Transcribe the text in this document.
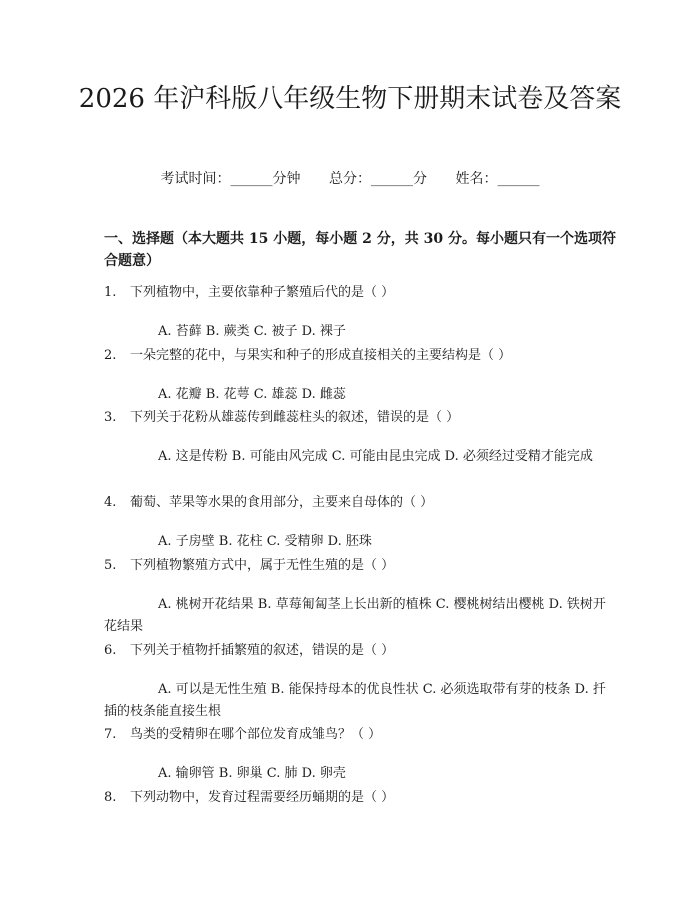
2026 年沪科版八年级生物下册期末试卷及答案
考试时间：______分钟 总分：______分 姓名：______
一、选择题（本大题共 15 小题，每小题 2 分，共 30 分。每小题只有一个选项符合题意）
1. 下列植物中，主要依靠种子繁殖后代的是（ ）
A. 苔藓 B. 蕨类 C. 被子 D. 裸子
2. 一朵完整的花中，与果实和种子的形成直接相关的主要结构是（ ）
A. 花瓣 B. 花萼 C. 雄蕊 D. 雌蕊
3. 下列关于花粉从雄蕊传到雌蕊柱头的叙述，错误的是（ ）
A. 这是传粉 B. 可能由风完成 C. 可能由昆虫完成 D. 必须经过受精才能完成
4. 葡萄、苹果等水果的食用部分，主要来自母体的（ ）
A. 子房壁 B. 花柱 C. 受精卵 D. 胚珠
5. 下列植物繁殖方式中，属于无性生殖的是（ ）
A. 桃树开花结果 B. 草莓匍匐茎上长出新的植株 C. 樱桃树结出樱桃 D. 铁树开花结果
6. 下列关于植物扦插繁殖的叙述，错误的是（ ）
A. 可以是无性生殖 B. 能保持母本的优良性状 C. 必须选取带有芽的枝条 D. 扦插的枝条能直接生根
7. 鸟类的受精卵在哪个部位发育成雏鸟？（ ）
A. 输卵管 B. 卵巢 C. 肺 D. 卵壳
8. 下列动物中，发育过程需要经历蛹期的是（ ）
